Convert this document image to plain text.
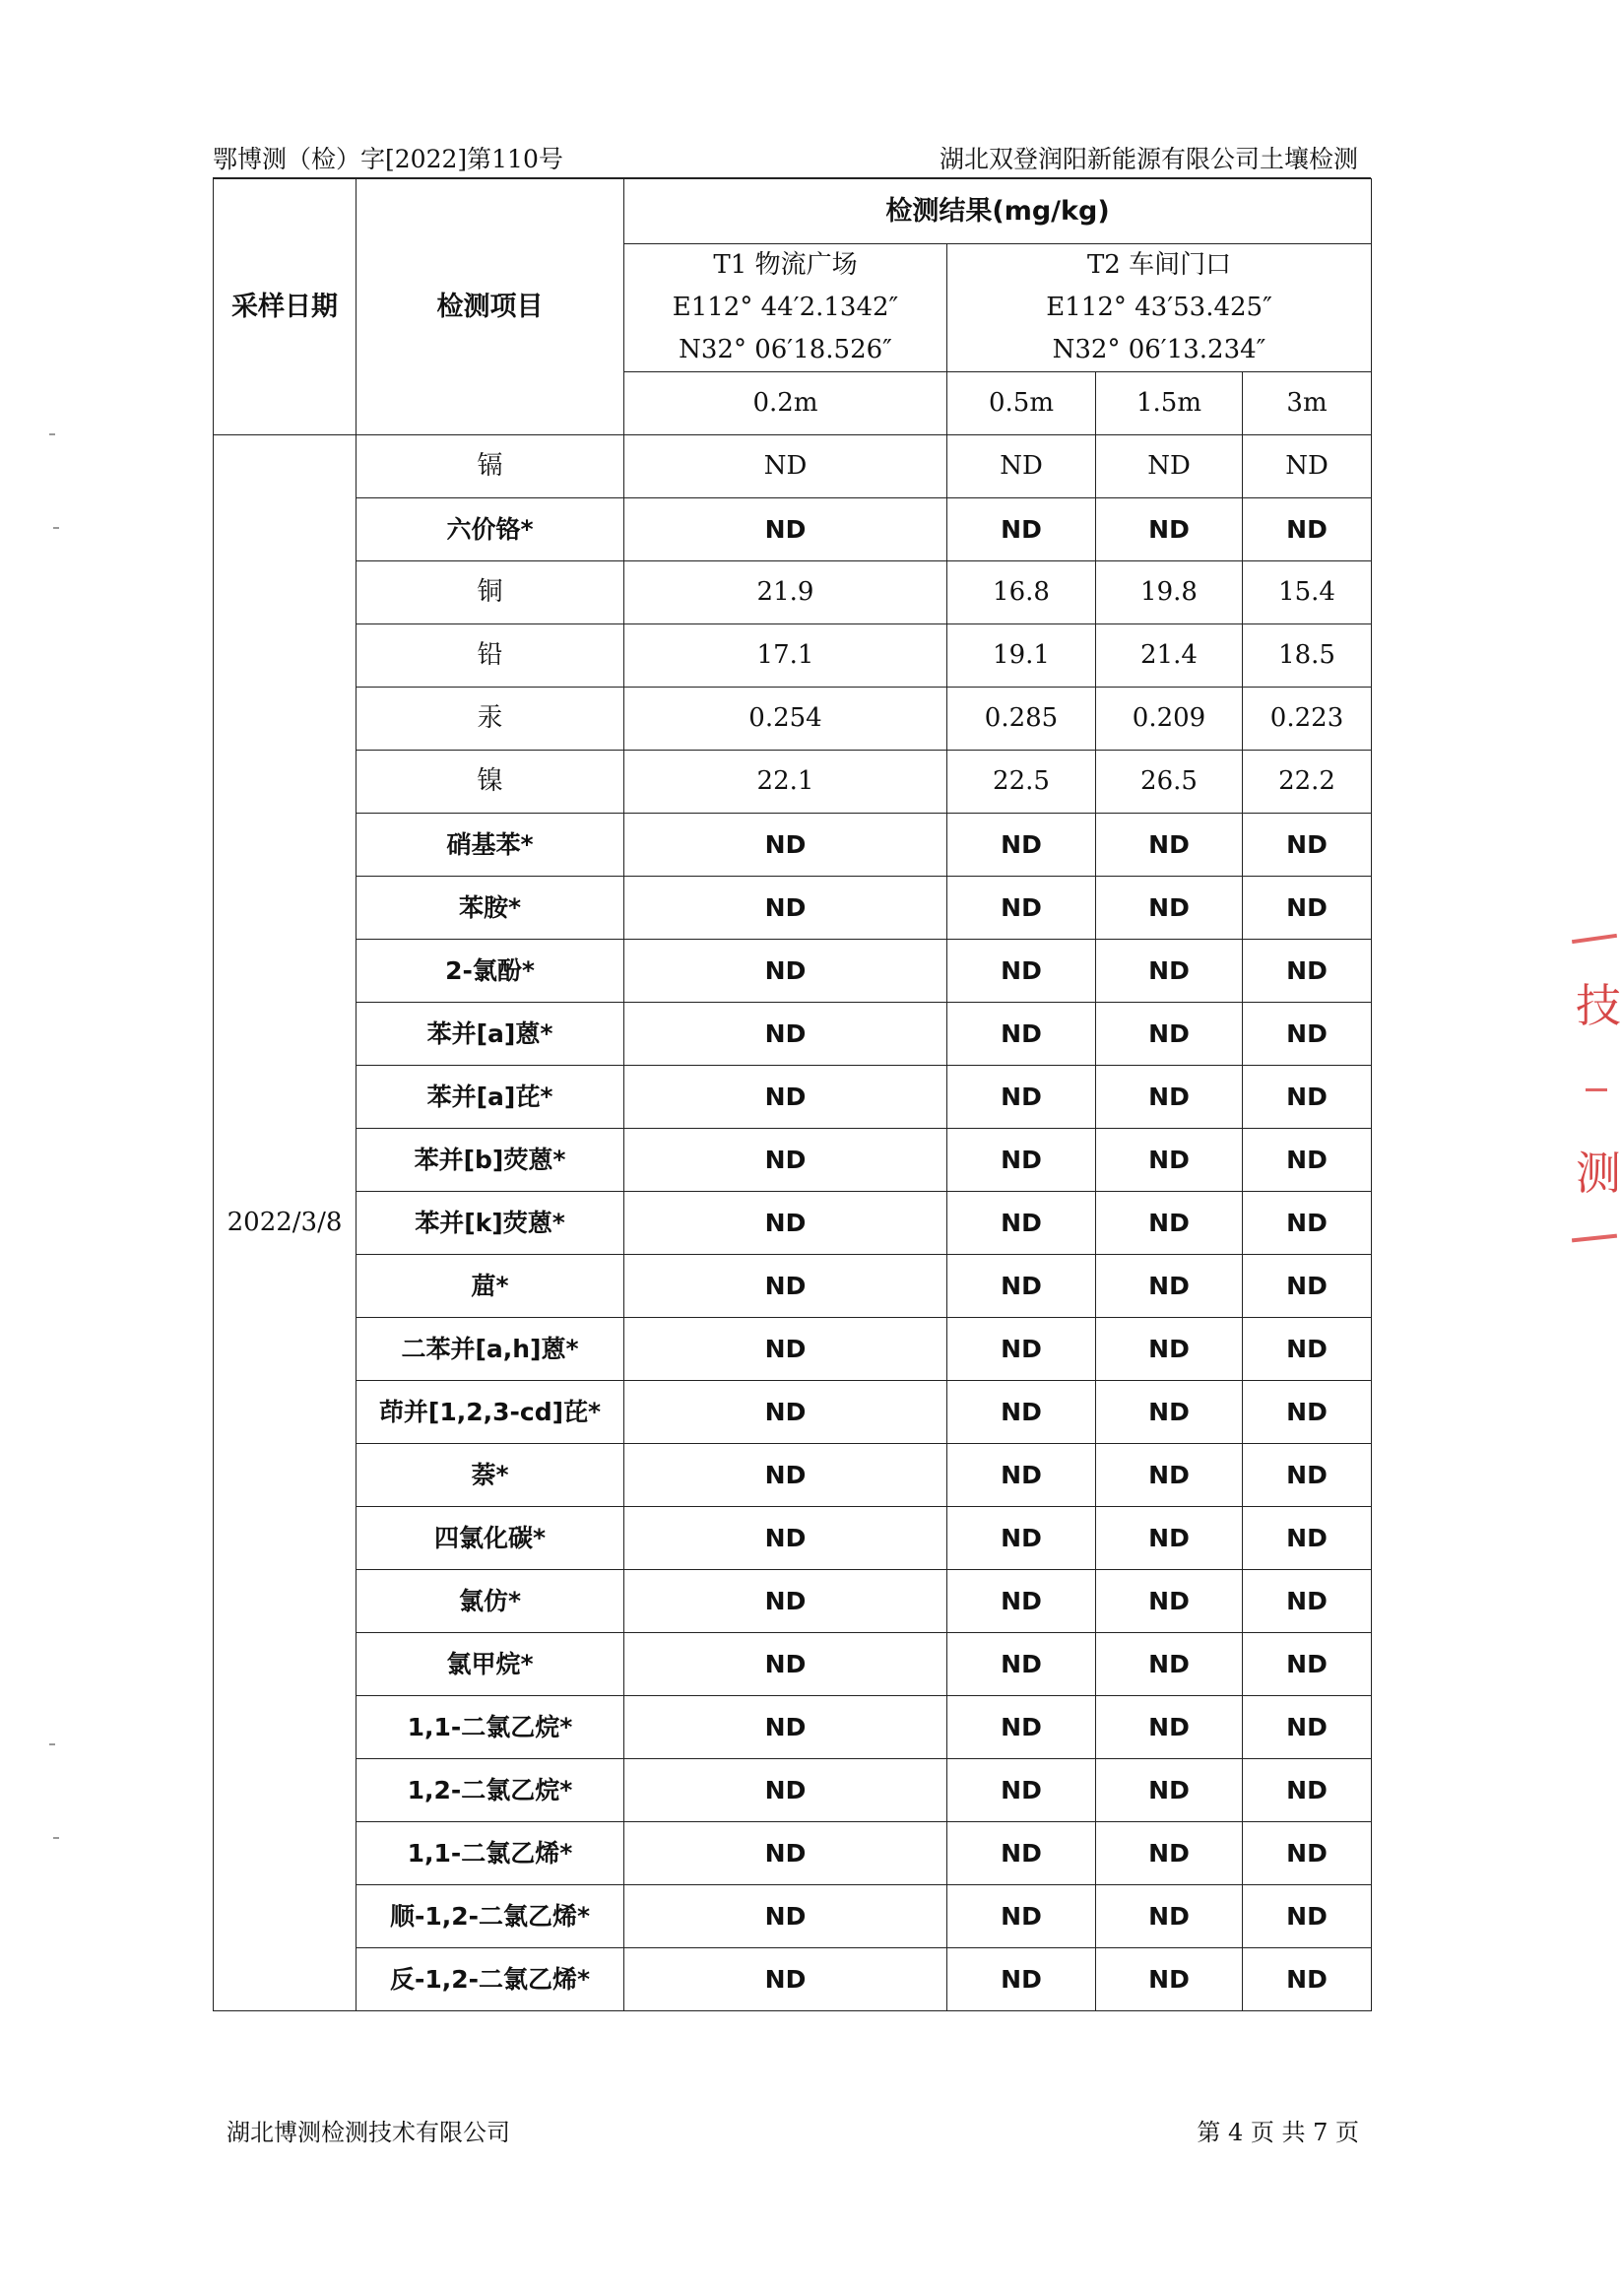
鄂博测（检）字[2022]第110号	湖北双登润阳新能源有限公司土壤检测
采样日期	检测项目	检测结果(mg/kg)			

		T1 物流广场
E112° 44′2.1342″
N32° 06′18.526″	T2 车间门口
E112° 43′53.425″
N32° 06′13.234″		

		0.2m	0.5m	1.5m	3m
2022/3/8	镉	ND	ND	ND	ND
	六价铬*	ND	ND	ND	ND
	铜	21.9	16.8	19.8	15.4
	铅	17.1	19.1	21.4	18.5
	汞	0.254	0.285	0.209	0.223
	镍	22.1	22.5	26.5	22.2
	硝基苯*	ND	ND	ND	ND
	苯胺*	ND	ND	ND	ND
	2-氯酚*	ND	ND	ND	ND
	苯并[a]蒽*	ND	ND	ND	ND
	苯并[a]芘*	ND	ND	ND	ND
	苯并[b]荧蒽*	ND	ND	ND	ND
	苯并[k]荧蒽*	ND	ND	ND	ND
	䓛*	ND	ND	ND	ND
	二苯并[a,h]蒽*	ND	ND	ND	ND
	茚并[1,2,3-cd]芘*	ND	ND	ND	ND
	萘*	ND	ND	ND	ND
	四氯化碳*	ND	ND	ND	ND
	氯仿*	ND	ND	ND	ND
	氯甲烷*	ND	ND	ND	ND
	1,1-二氯乙烷*	ND	ND	ND	ND
	1,2-二氯乙烷*	ND	ND	ND	ND
	1,1-二氯乙烯*	ND	ND	ND	ND
	顺-1,2-二氯乙烯*	ND	ND	ND	ND
	反-1,2-二氯乙烯*	ND	ND	ND	ND
湖北博测检测技术有限公司	第 4 页 共 7 页
技
测
